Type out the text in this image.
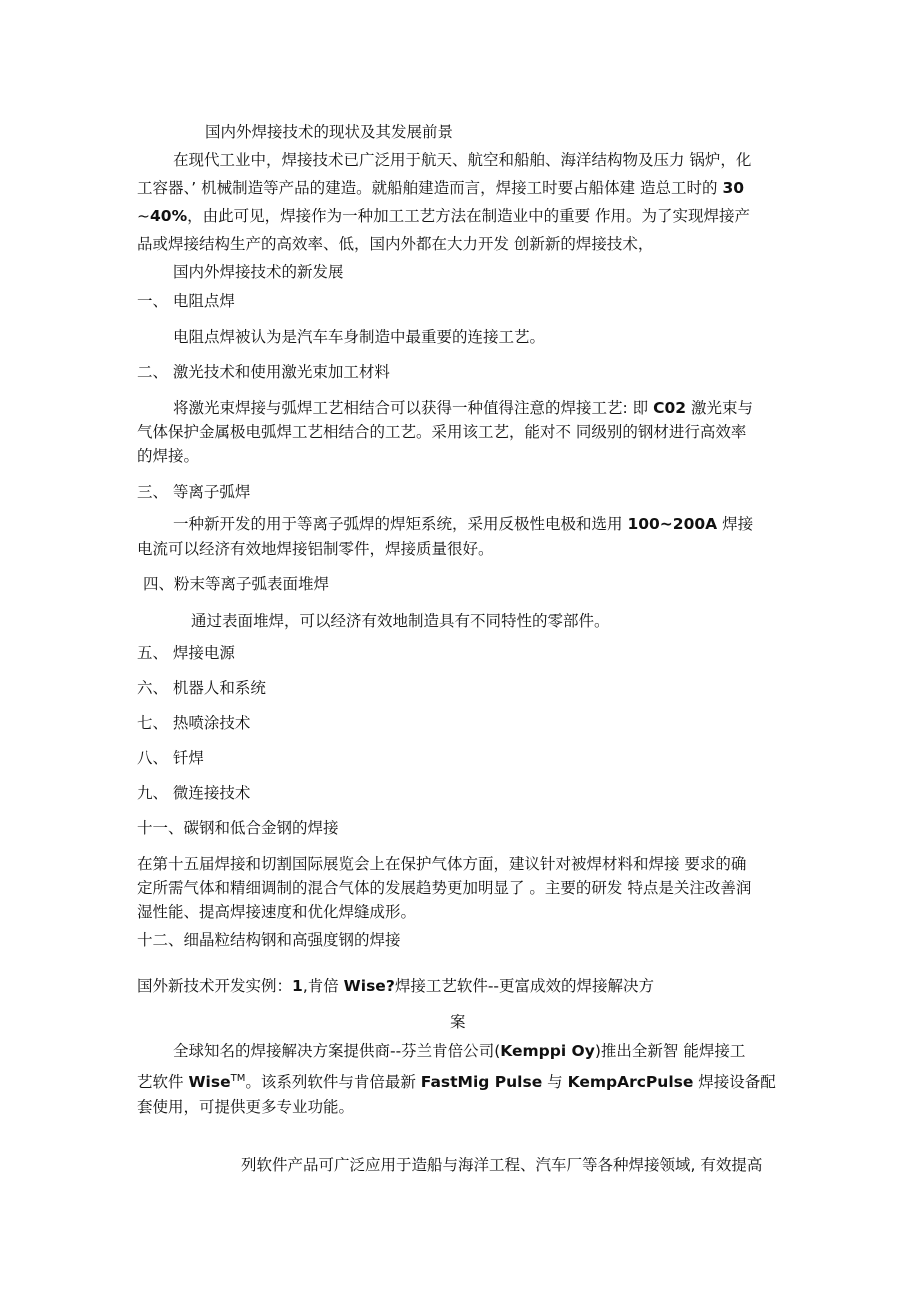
国内外焊接技术的现状及其发展前景

在现代工业中，焊接技术已广泛用于航天、航空和船舶、海洋结构物及压力 锅炉，化

工容器、’ 机械制造等产品的建造。就船舶建造而言，焊接工时要占船体建 造总工时的 30

~40%，由此可见，焊接作为一种加工工艺方法在制造业中的重要 作用。为了实现焊接产

品或焊接结构生产的高效率、低，国内外都在大力开发 创新新的焊接技术，

国内外焊接技术的新发展

一、 电阻点焊

电阻点焊被认为是汽车车身制造中最重要的连接工艺。

二、 激光技术和使用激光束加工材料

将激光束焊接与弧焊工艺相结合可以获得一种值得注意的焊接工艺: 即 C02 激光束与

气体保护金属极电弧焊工艺相结合的工艺。采用该工艺，能对不 同级别的钢材进行高效率

的焊接。

三、 等离子弧焊

一种新开发的用于等离子弧焊的焊矩系统，采用反极性电极和选用 100~200A 焊接

电流可以经济有效地焊接铝制零件，焊接质量很好。

四、粉末等离子弧表面堆焊

通过表面堆焊，可以经济有效地制造具有不同特性的零部件。

五、 焊接电源

六、 机器人和系统

七、 热喷涂技术

八、 钎焊

九、 微连接技术

十一、碳钢和低合金钢的焊接

在第十五届焊接和切割国际展览会上在保护气体方面，建议针对被焊材料和焊接 要求的确

定所需气体和精细调制的混合气体的发展趋势更加明显了 。主要的研发 特点是关注改善润

湿性能、提高焊接速度和优化焊缝成形。

十二、细晶粒结构钢和高强度钢的焊接

国外新技术开发实例：1,肯倍 Wise?焊接工艺软件--更富成效的焊接解决方

案

全球知名的焊接解决方案提供商--芬兰肯倍公司(Kemppi Oy)推出全新智 能焊接工

艺软件 Wise™。该系列软件与肯倍最新 FastMig Pulse 与 KempArcPulse 焊接设备配

套使用，可提供更多专业功能。

列软件产品可广泛应用于造船与海洋工程、汽车厂等各种焊接领域, 有效提高
